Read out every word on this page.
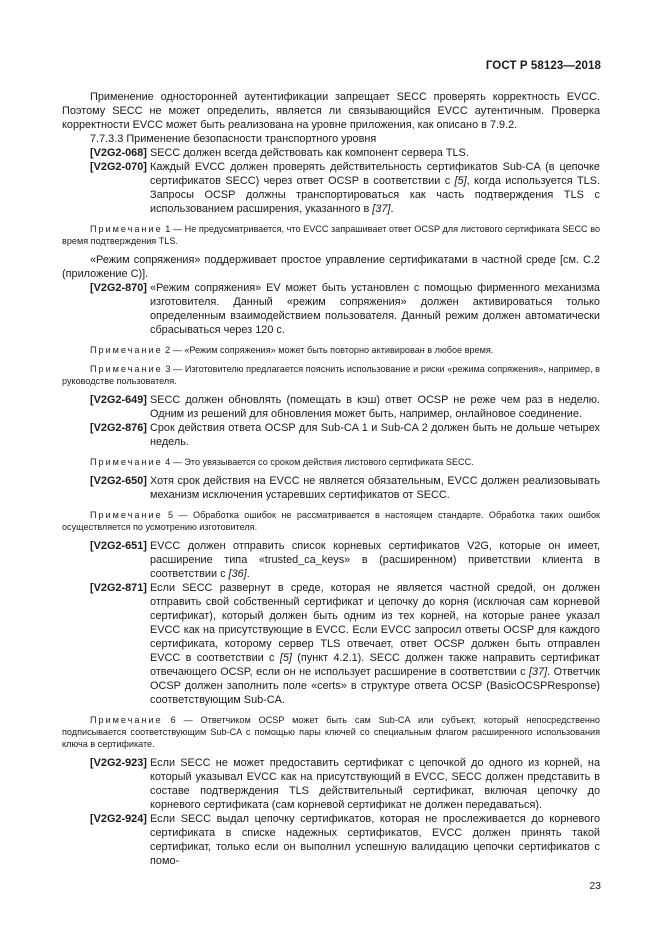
ГОСТ Р 58123—2018

Применение односторонней аутентификации запрещает SECC проверять корректность EVCC. Поэтому SECC не может определить, является ли связывающийся EVCC аутентичным. Проверка корректности EVCC может быть реализована на уровне приложения, как описано в 7.9.2.

7.7.3.3 Применение безопасности транспортного уровня

[V2G2-068] SECC должен всегда действовать как компонент сервера TLS.
[V2G2-070] Каждый EVCC должен проверять действительность сертификатов Sub-CA (в цепочке сертификатов SECC) через ответ OCSP в соответствии с [5], когда используется TLS. Запросы OCSP должны транспортироваться как часть подтверждения TLS с использованием расширения, указанного в [37].

Примечание 1 — Не предусматривается, что EVCC запрашивает ответ OCSP для листового сертификата SECC во время подтверждения TLS.

«Режим сопряжения» поддерживает простое управление сертификатами в частной среде [см. С.2 (приложение С)].

[V2G2-870] «Режим сопряжения» EV может быть установлен с помощью фирменного механизма изготовителя. Данный «режим сопряжения» должен активироваться только определенным взаимодействием пользователя. Данный режим должен автоматически сбрасываться через 120 с.

Примечание 2 — «Режим сопряжения» может быть повторно активирован в любое время.

Примечание 3 — Изготовителю предлагается пояснить использование и риски «режима сопряжения», например, в руководстве пользователя.

[V2G2-649] SECC должен обновлять (помещать в кэш) ответ OCSP не реже чем раз в неделю. Одним из решений для обновления может быть, например, онлайновое соединение.
[V2G2-876] Срок действия ответа OCSP для Sub-CA 1 и Sub-CA 2 должен быть не дольше четырех недель.

Примечание 4 — Это увязывается со сроком действия листового сертификата SECC.

[V2G2-650] Хотя срок действия на EVCC не является обязательным, EVCC должен реализовывать механизм исключения устаревших сертификатов от SECC.

Примечание 5 — Обработка ошибок не рассматривается в настоящем стандарте. Обработка таких ошибок осуществляется по усмотрению изготовителя.

[V2G2-651] EVCC должен отправить список корневых сертификатов V2G, которые он имеет, расширение типа «trusted_ca_keys» в (расширенном) приветствии клиента в соответствии с [36].
[V2G2-871] Если SECC развернут в среде, которая не является частной средой, он должен отправить свой собственный сертификат и цепочку до корня (исключая сам корневой сертификат), который должен быть одним из тех корней, на которые ранее указал EVCC как на присутствующие в EVCC. Если EVCC запросил ответы OCSP для каждого сертификата, которому сервер TLS отвечает, ответ OCSP должен быть отправлен EVCC в соответствии с [5] (пункт 4.2.1). SECC должен также направить сертификат отвечающего OCSP, если он не использует расширение в соответствии с [37]. Ответчик OCSP должен заполнить поле «certs» в структуре ответа OCSP (BasicOCSPResponse) соответствующим Sub-CA.

Примечание 6 — Ответчиком OCSP может быть сам Sub-CA или субъект, который непосредственно подписывается соответствующим Sub-CA с помощью пары ключей со специальным флагом расширенного использования ключа в сертификате.

[V2G2-923] Если SECC не может предоставить сертификат с цепочкой до одного из корней, на который указывал EVCC как на присутствующий в EVCC, SECC должен представить в составе подтверждения TLS действительный сертификат, включая цепочку до корневого сертификата (сам корневой сертификат не должен передаваться).
[V2G2-924] Если SECC выдал цепочку сертификатов, которая не прослеживается до корневого сертификата в списке надежных сертификатов, EVCC должен принять такой сертификат, только если он выполнил успешную валидацию цепочки сертификатов с помо-
23
